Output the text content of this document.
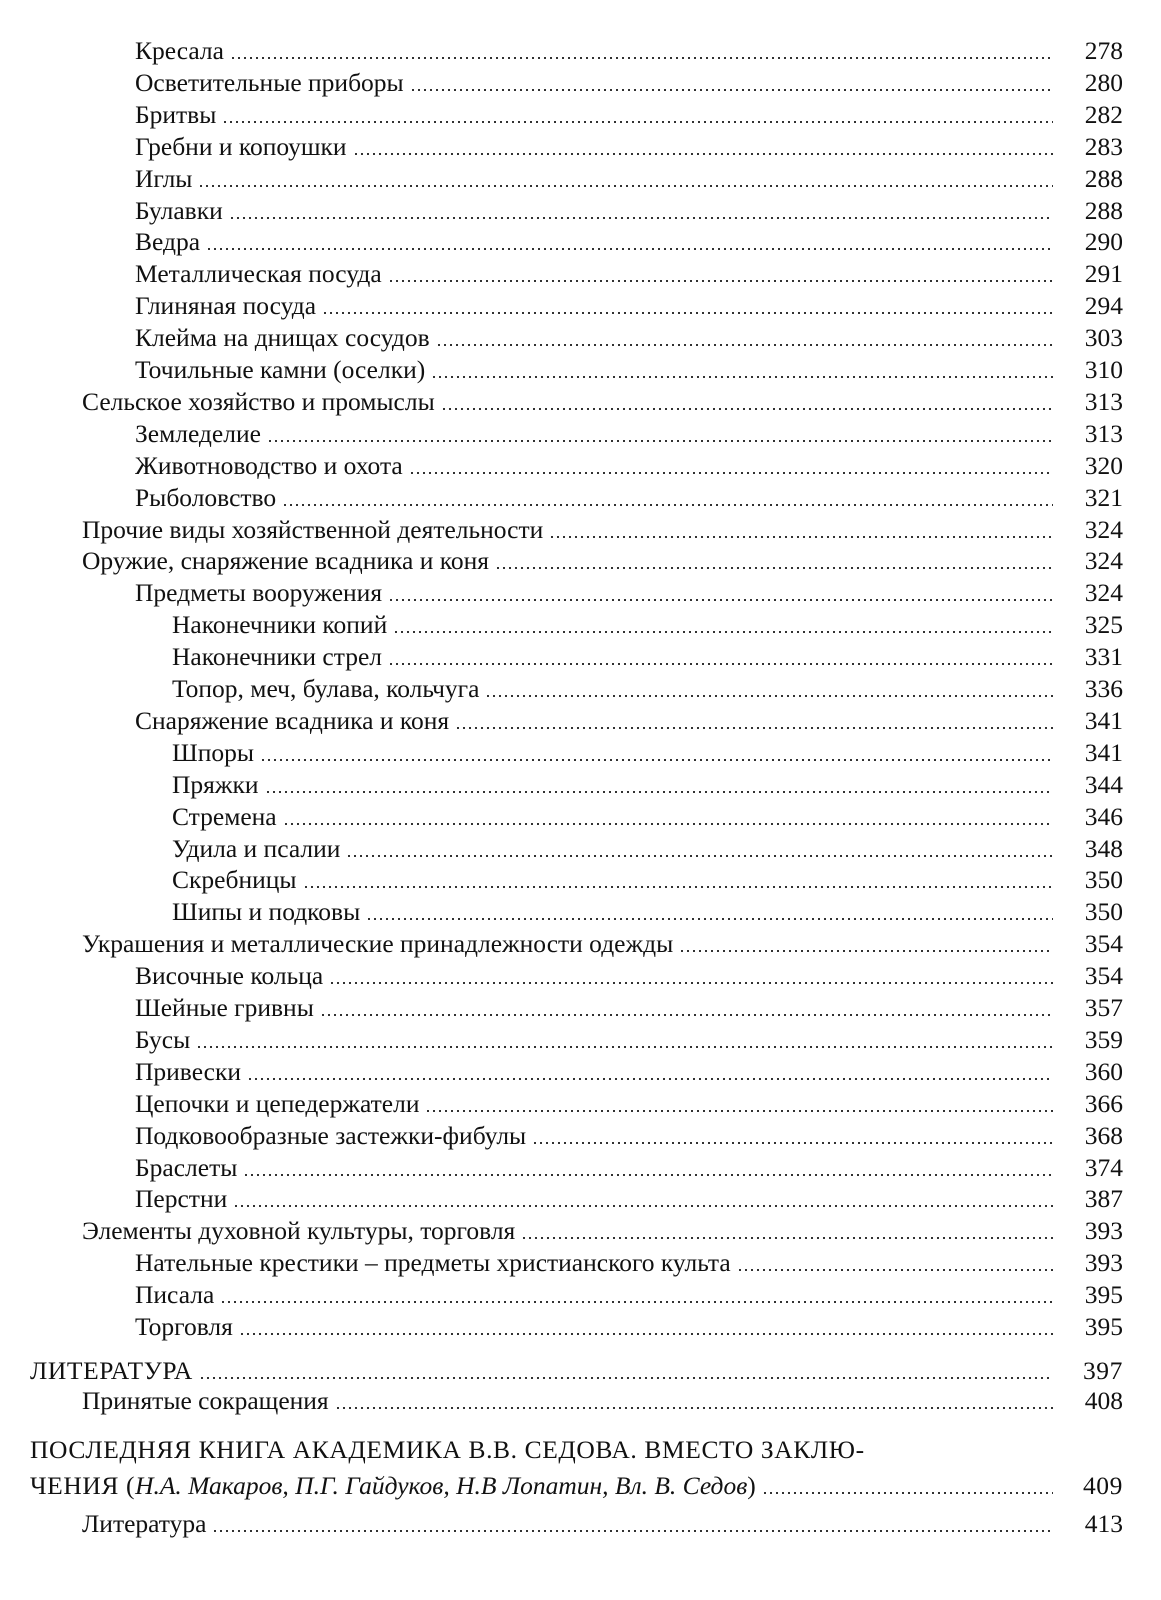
Кресала	278
Осветительные приборы	280
Бритвы	282
Гребни и копоушки	283
Иглы	288
Булавки	288
Ведра	290
Металлическая посуда	291
Глиняная посуда	294
Клейма на днищах сосудов	303
Точильные камни (оселки)	310
Сельское хозяйство и промыслы	313
Земледелие	313
Животноводство и охота	320
Рыболовство	321
Прочие виды хозяйственной деятельности	324
Оружие, снаряжение всадника и коня	324
Предметы вооружения	324
Наконечники копий	325
Наконечники стрел	331
Топор, меч, булава, кольчуга	336
Снаряжение всадника и коня	341
Шпоры	341
Пряжки	344
Стремена	346
Удила и псалии	348
Скребницы	350
Шипы и подковы	350
Украшения и металлические принадлежности одежды	354
Височные кольца	354
Шейные гривны	357
Бусы	359
Привески	360
Цепочки и цепедержатели	366
Подковообразные застежки-фибулы	368
Браслеты	374
Перстни	387
Элементы духовной культуры, торговля	393
Нательные крестики – предметы христианского культа	393
Писала	395
Торговля	395
ЛИТЕРАТУРА	397
Принятые сокращения	408
ПОСЛЕДНЯЯ КНИГА АКАДЕМИКА В.В. СЕДОВА. ВМЕСТО ЗАКЛЮ-
ЧЕНИЯ (Н.А. Макаров, П.Г. Гайдуков, Н.В Лопатин, Вл. В. Седов)	409
Литература	413
